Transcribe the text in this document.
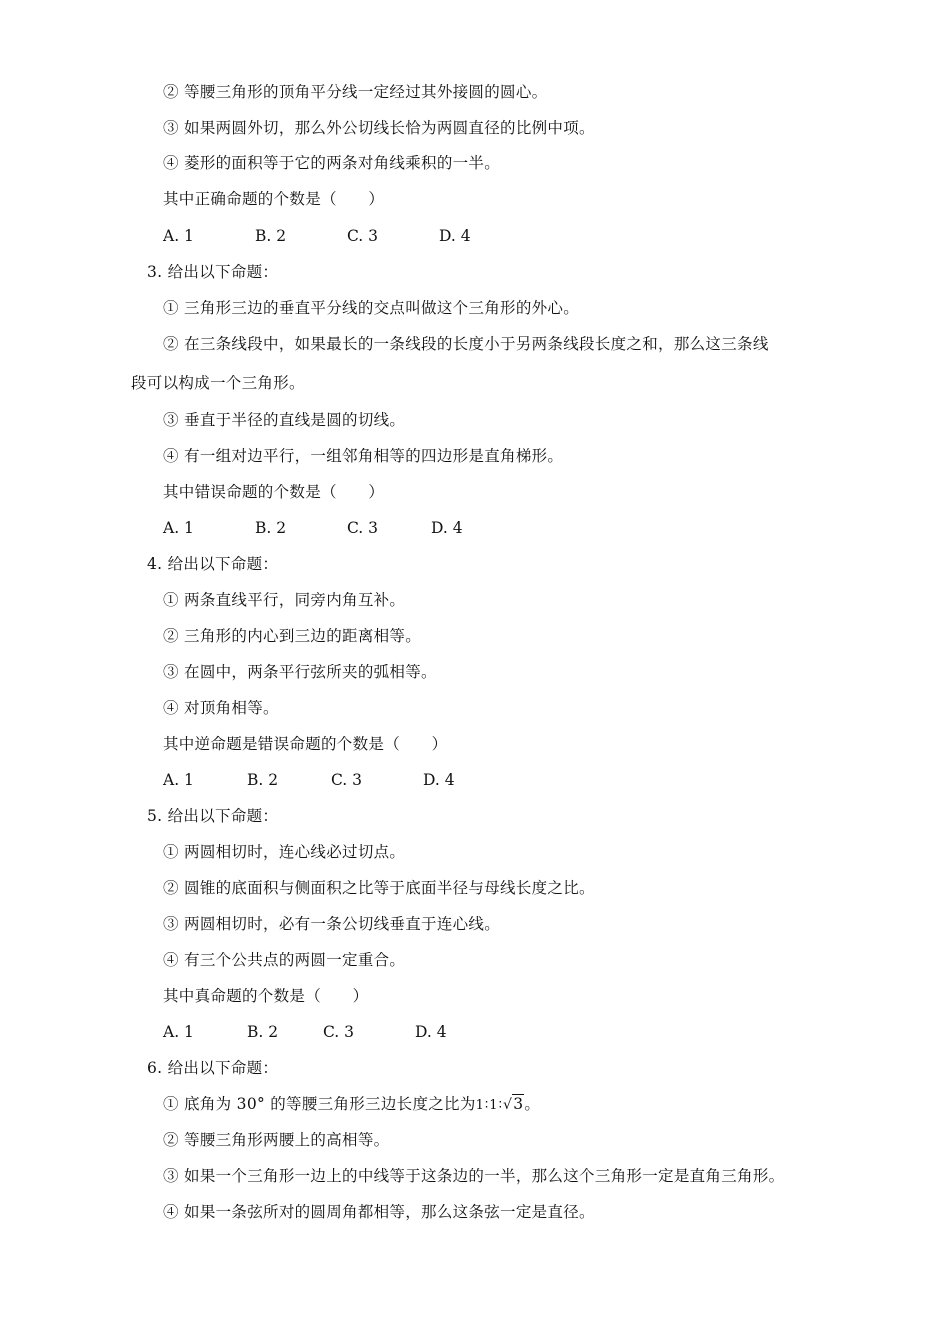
② 等腰三角形的顶角平分线一定经过其外接圆的圆心。
③ 如果两圆外切，那么外公切线长恰为两圆直径的比例中项。
④ 菱形的面积等于它的两条对角线乘积的一半。
其中正确命题的个数是（　　）
A. 1	B. 2	C. 3	D. 4
3. 给出以下命题：
① 三角形三边的垂直平分线的交点叫做这个三角形的外心。
② 在三条线段中，如果最长的一条线段的长度小于另两条线段长度之和，那么这三条线
段可以构成一个三角形。
③ 垂直于半径的直线是圆的切线。
④ 有一组对边平行，一组邻角相等的四边形是直角梯形。
其中错误命题的个数是（　　）
A. 1	B. 2	C. 3	D. 4
4. 给出以下命题：
① 两条直线平行，同旁内角互补。
② 三角形的内心到三边的距离相等。
③ 在圆中，两条平行弦所夹的弧相等。
④ 对顶角相等。
其中逆命题是错误命题的个数是（　　）
A. 1	B. 2	C. 3	D. 4
5. 给出以下命题：
① 两圆相切时，连心线必过切点。
② 圆锥的底面积与侧面积之比等于底面半径与母线长度之比。
③ 两圆相切时，必有一条公切线垂直于连心线。
④ 有三个公共点的两圆一定重合。
其中真命题的个数是（　　）
A. 1	B. 2	C. 3	D. 4
6. 给出以下命题：
① 底角为 30° 的等腰三角形三边长度之比为1∶1∶√3。
② 等腰三角形两腰上的高相等。
③ 如果一个三角形一边上的中线等于这条边的一半，那么这个三角形一定是直角三角形。
④ 如果一条弦所对的圆周角都相等，那么这条弦一定是直径。
